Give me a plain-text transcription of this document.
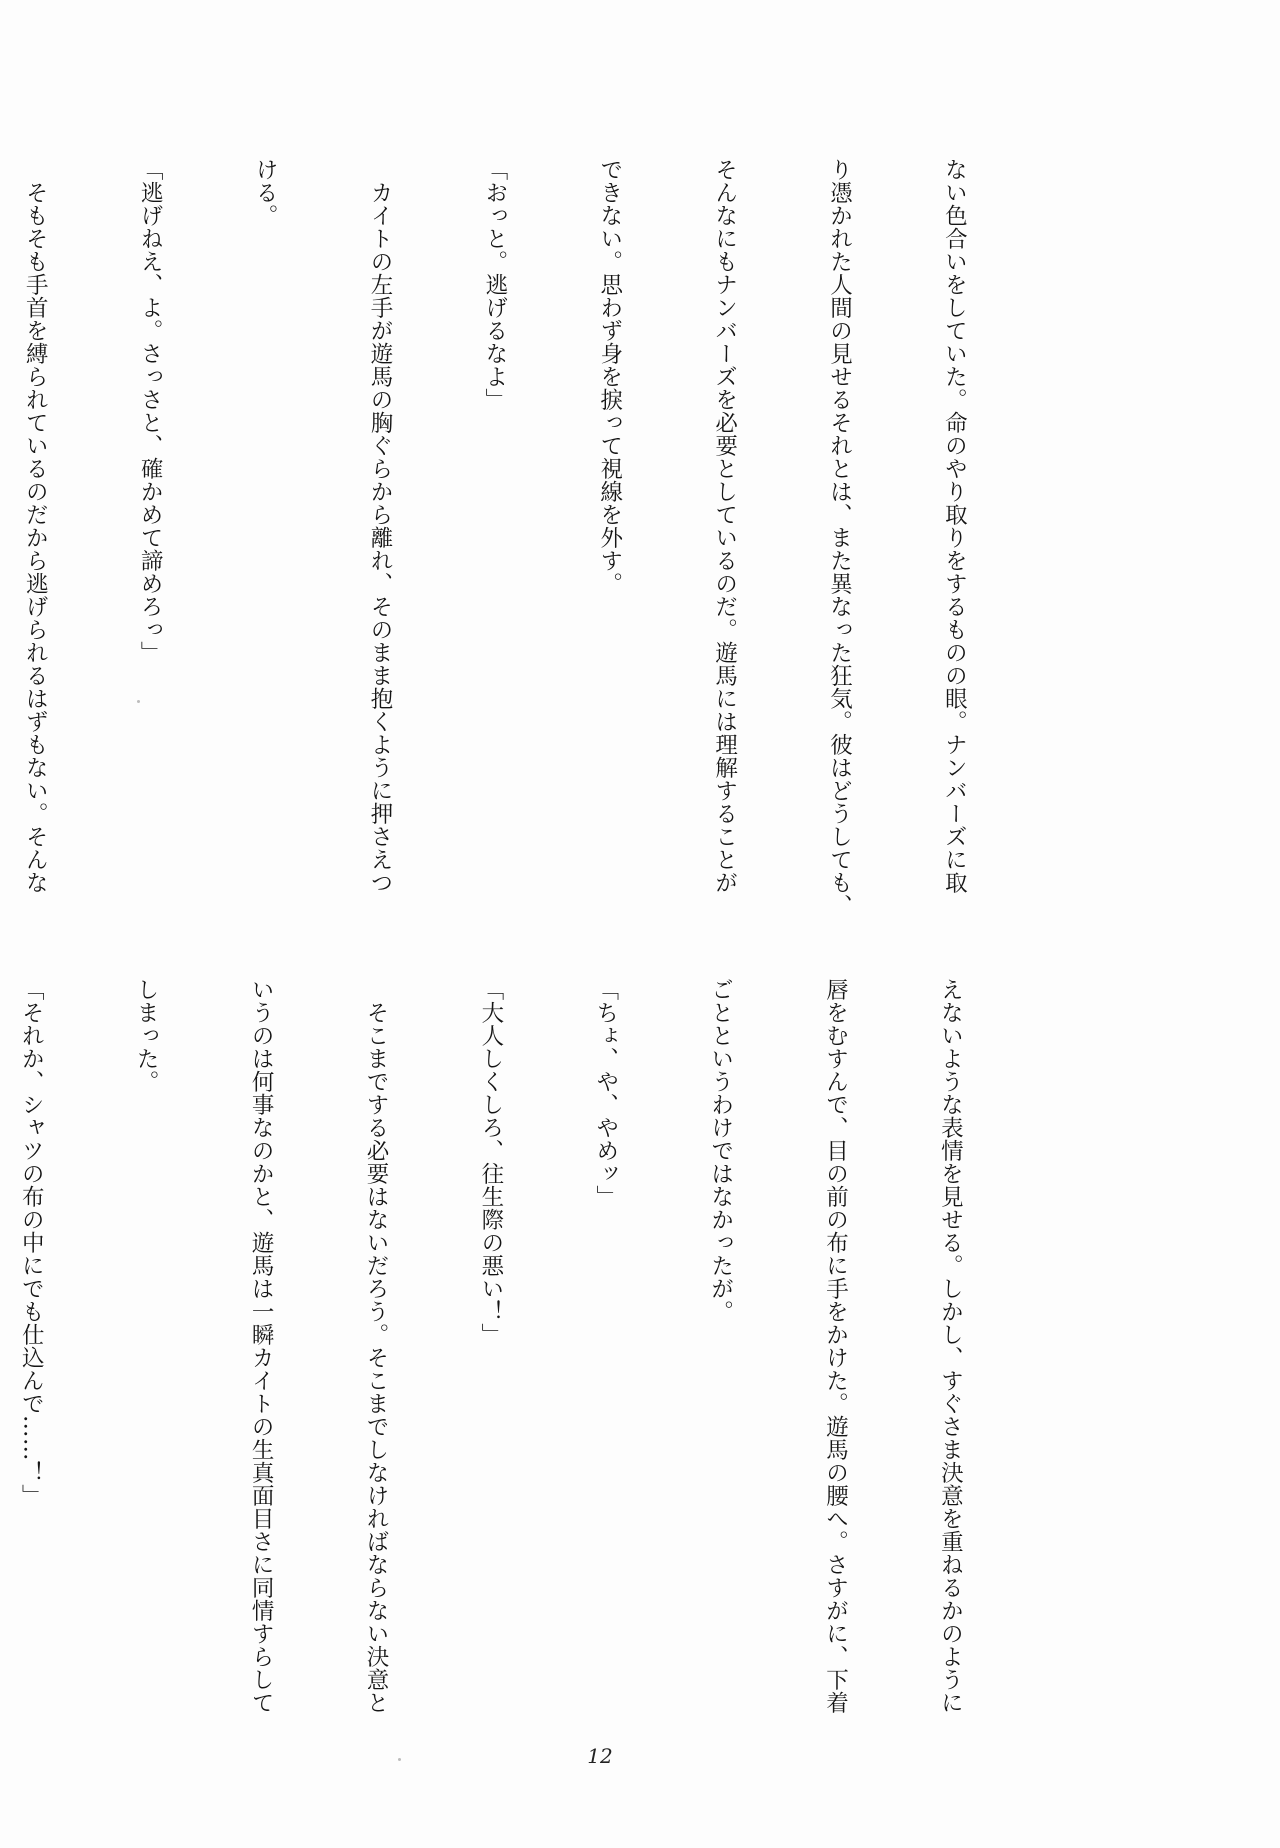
ない色合いをしていた。命のやり取りをするものの眼。ナンバーズに取

り憑かれた人間の見せるそれとは、また異なった狂気。彼はどうしても、

そんなにもナンバーズを必要としているのだ。遊馬には理解することが

できない。思わず身を捩って視線を外す。

「おっと。逃げるなよ」

　カイトの左手が遊馬の胸ぐらから離れ、そのまま抱くように押さえつ

ける。

「逃げねえ、よ。さっさと、確かめて諦めろっ」

　そもそも手首を縛られているのだから逃げられるはずもない。そんな

えないような表情を見せる。しかし、すぐさま決意を重ねるかのように

唇をむすんで、目の前の布に手をかけた。遊馬の腰へ。さすがに、下着

ごとというわけではなかったが。

「ちょ、や、やめッ」

「大人しくしろ、往生際の悪い！」

　そこまでする必要はないだろう。そこまでしなければならない決意と

いうのは何事なのかと、遊馬は一瞬カイトの生真面目さに同情すらして

しまった。

「それか、シャツの布の中にでも仕込んで……！」

12
